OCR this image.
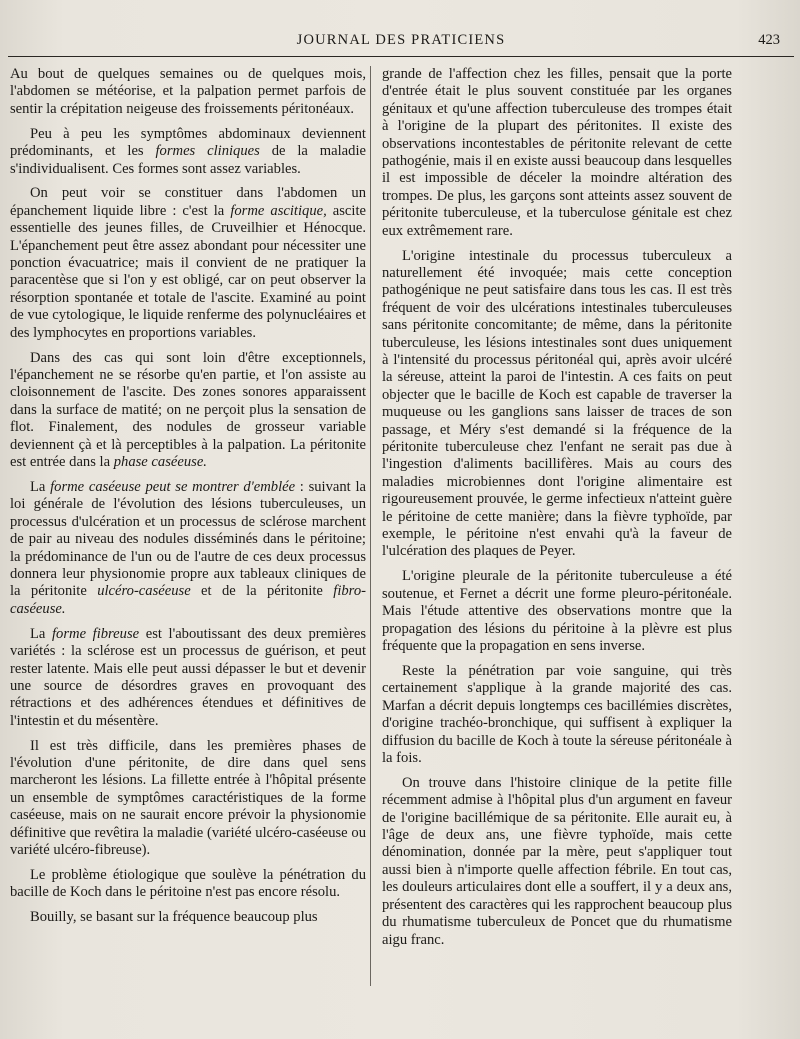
JOURNAL DES PRATICIENS	423

Au bout de quelques semaines ou de quelques mois, l'abdomen se météorise, et la palpation permet parfois de sentir la crépitation neigeuse des froissements péritonéaux.

Peu à peu les symptômes abdominaux deviennent prédominants, et les formes cliniques de la maladie s'individualisent. Ces formes sont assez variables.

On peut voir se constituer dans l'abdomen un épanchement liquide libre : c'est la forme ascitique, ascite essentielle des jeunes filles, de Cruveilhier et Hénocque. L'épanchement peut être assez abondant pour nécessiter une ponction évacuatrice; mais il convient de ne pratiquer la paracentèse que si l'on y est obligé, car on peut observer la résorption spontanée et totale de l'ascite. Examiné au point de vue cytologique, le liquide renferme des polynucléaires et des lymphocytes en proportions variables.

Dans des cas qui sont loin d'être exceptionnels, l'épanchement ne se résorbe qu'en partie, et l'on assiste au cloisonnement de l'ascite. Des zones sonores apparaissent dans la surface de matité; on ne perçoit plus la sensation de flot. Finalement, des nodules de grosseur variable deviennent çà et là perceptibles à la palpation. La péritonite est entrée dans la phase caséeuse.

La forme caséeuse peut se montrer d'emblée : suivant la loi générale de l'évolution des lésions tuberculeuses, un processus d'ulcération et un processus de sclérose marchent de pair au niveau des nodules disséminés dans le péritoine; la prédominance de l'un ou de l'autre de ces deux processus donnera leur physionomie propre aux tableaux cliniques de la péritonite ulcéro-caséeuse et de la péritonite fibro-caséeuse.

La forme fibreuse est l'aboutissant des deux premières variétés : la sclérose est un processus de guérison, et peut rester latente. Mais elle peut aussi dépasser le but et devenir une source de désordres graves en provoquant des rétractions et des adhérences étendues et définitives de l'intestin et du mésentère.

Il est très difficile, dans les premières phases de l'évolution d'une péritonite, de dire dans quel sens marcheront les lésions. La fillette entrée à l'hôpital présente un ensemble de symptômes caractéristiques de la forme caséeuse, mais on ne saurait encore prévoir la physionomie définitive que revêtira la maladie (variété ulcéro-caséeuse ou variété ulcéro-fibreuse).

Le problème étiologique que soulève la pénétration du bacille de Koch dans le péritoine n'est pas encore résolu.

Bouilly, se basant sur la fréquence beaucoup plus

grande de l'affection chez les filles, pensait que la porte d'entrée était le plus souvent constituée par les organes génitaux et qu'une affection tuberculeuse des trompes était à l'origine de la plupart des péritonites. Il existe des observations incontestables de péritonite relevant de cette pathogénie, mais il en existe aussi beaucoup dans lesquelles il est impossible de déceler la moindre altération des trompes. De plus, les garçons sont atteints assez souvent de péritonite tuberculeuse, et la tuberculose génitale est chez eux extrêmement rare.

L'origine intestinale du processus tuberculeux a naturellement été invoquée; mais cette conception pathogénique ne peut satisfaire dans tous les cas. Il est très fréquent de voir des ulcérations intestinales tuberculeuses sans péritonite concomitante; de même, dans la péritonite tuberculeuse, les lésions intestinales sont dues uniquement à l'intensité du processus péritonéal qui, après avoir ulcéré la séreuse, atteint la paroi de l'intestin. A ces faits on peut objecter que le bacille de Koch est capable de traverser la muqueuse ou les ganglions sans laisser de traces de son passage, et Méry s'est demandé si la fréquence de la péritonite tuberculeuse chez l'enfant ne serait pas due à l'ingestion d'aliments bacillifères. Mais au cours des maladies microbiennes dont l'origine alimentaire est rigoureusement prouvée, le germe infectieux n'atteint guère le péritoine de cette manière; dans la fièvre typhoïde, par exemple, le péritoine n'est envahi qu'à la faveur de l'ulcération des plaques de Peyer.

L'origine pleurale de la péritonite tuberculeuse a été soutenue, et Fernet a décrit une forme pleuro-péritonéale. Mais l'étude attentive des observations montre que la propagation des lésions du péritoine à la plèvre est plus fréquente que la propagation en sens inverse.

Reste la pénétration par voie sanguine, qui très certainement s'applique à la grande majorité des cas. Marfan a décrit depuis longtemps ces bacillémies discrètes, d'origine trachéo-bronchique, qui suffisent à expliquer la diffusion du bacille de Koch à toute la séreuse péritonéale à la fois.

On trouve dans l'histoire clinique de la petite fille récemment admise à l'hôpital plus d'un argument en faveur de l'origine bacillémique de sa péritonite. Elle aurait eu, à l'âge de deux ans, une fièvre typhoïde, mais cette dénomination, donnée par la mère, peut s'appliquer tout aussi bien à n'importe quelle affection fébrile. En tout cas, les douleurs articulaires dont elle a souffert, il y a deux ans, présentent des caractères qui les rapprochent beaucoup plus du rhumatisme tuberculeux de Poncet que du rhumatisme aigu franc.
